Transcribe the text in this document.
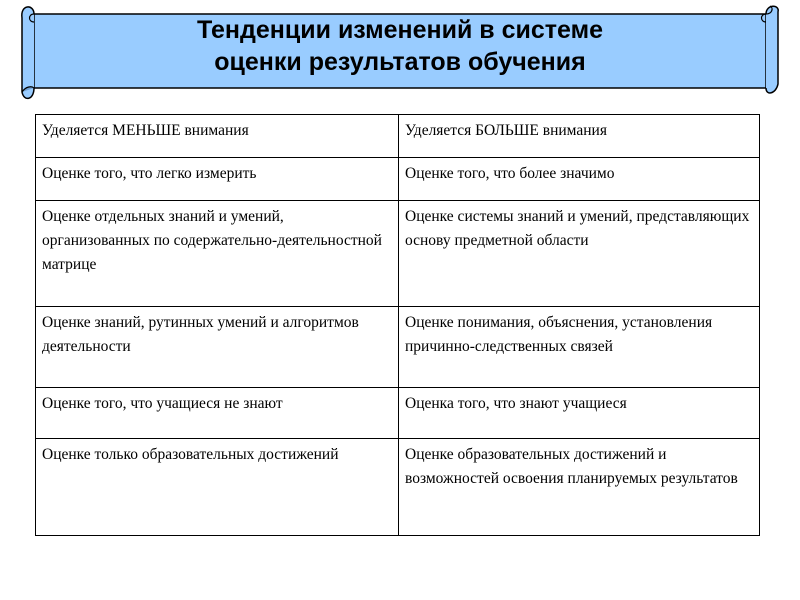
Тенденции изменений в системе
оценки результатов обучения
Уделяется МЕНЬШЕ внимания	Уделяется БОЛЬШЕ внимания
Оценке того, что легко измерить	Оценке того, что более значимо
Оценке отдельных знаний и умений, организованных по содержательно-деятельностной матрице	Оценке системы знаний и умений, представляющих основу предметной области
Оценке знаний, рутинных умений и алгоритмов деятельности	Оценке понимания, объяснения, установления причинно-следственных связей
Оценке того, что учащиеся не знают	Оценка того, что знают учащиеся
Оценке только образовательных достижений	Оценке образовательных достижений и возможностей освоения планируемых результатов
